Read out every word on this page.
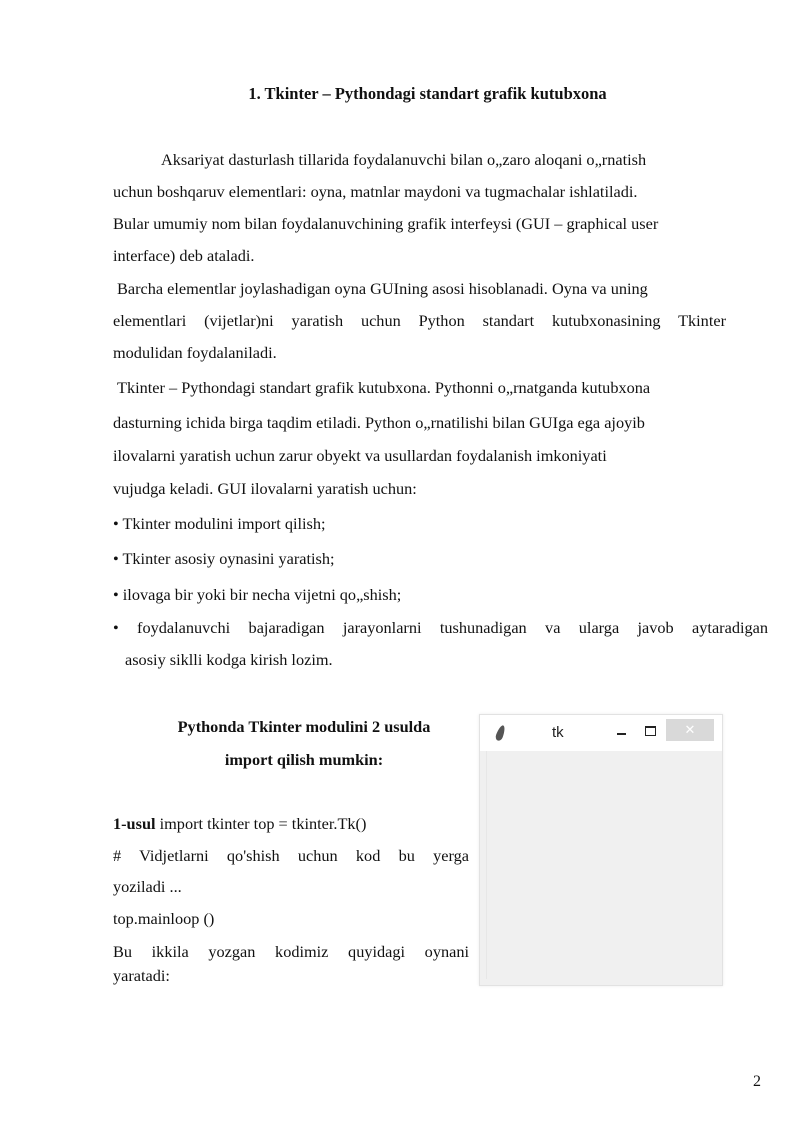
1. Tkinter – Pythondagi standart grafik kutubxona
Aksariyat dasturlash tillarida foydalanuvchi bilan o„zaro aloqani o„rnatish
uchun boshqaruv elementlari: oyna, matnlar maydoni va tugmachalar ishlatiladi.
Bular umumiy nom bilan foydalanuvchining grafik interfeysi (GUI – graphical user
interface) deb ataladi.
Barcha elementlar joylashadigan oyna GUIning asosi hisoblanadi. Oyna va uning
elementlari (vijetlar)ni yaratish uchun Python standart kutubxonasining Tkinter
modulidan foydalaniladi.
Tkinter – Pythondagi standart grafik kutubxona. Pythonni o„rnatganda kutubxona
dasturning ichida birga taqdim etiladi. Python o„rnatilishi bilan GUIga ega ajoyib
ilovalarni yaratish uchun zarur obyekt va usullardan foydalanish imkoniyati
vujudga keladi. GUI ilovalarni yaratish uchun:
• Tkinter modulini import qilish;
• Tkinter asosiy oynasini yaratish;
• ilovaga bir yoki bir necha vijetni qo„shish;
• foydalanuvchi bajaradigan jarayonlarni tushunadigan va ularga javob aytaradigan
asosiy siklli kodga kirish lozim.
Pythonda Tkinter modulini 2 usulda
import qilish mumkin:
1-usul import tkinter top = tkinter.Tk()
# Vidjetlarni qo'shish uchun kod bu yerga
yoziladi ...
top.mainloop ()
Bu ikkila yozgan kodimiz quyidagi oynani
yaratadi:
tk	✕
2
